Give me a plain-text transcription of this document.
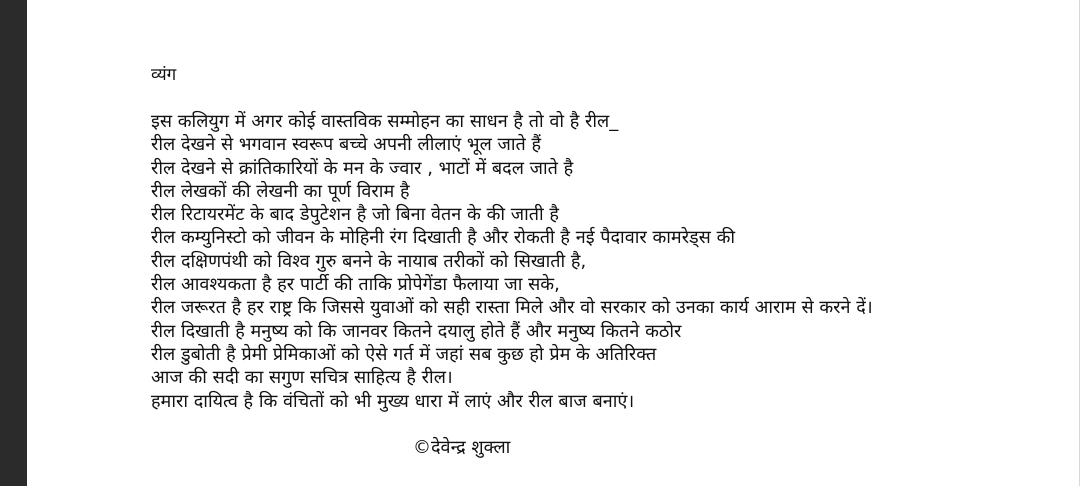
व्यंग
इस कलियुग में अगर कोई वास्तविक सम्मोहन का साधन है तो वो है रील_
रील देखने से भगवान स्वरूप बच्चे अपनी लीलाएं भूल जाते हैं
रील देखने से क्रांतिकारियों के मन के ज्वार , भाटों में बदल जाते है
रील लेखकों की लेखनी का पूर्ण विराम है
रील रिटायरमेंट के बाद डेपुटेशन है जो बिना वेतन के की जाती है
रील कम्युनिस्टो को जीवन के मोहिनी रंग दिखाती है और रोकती है नई पैदावार कामरेड्स की
रील दक्षिणपंथी को विश्व गुरु बनने के नायाब तरीकों को सिखाती है,
रील आवश्यकता है हर पार्टी की ताकि प्रोपेगेंडा फैलाया जा सके,
रील जरूरत है हर राष्ट्र कि जिससे युवाओं को सही रास्ता मिले और वो सरकार को उनका कार्य आराम से करने दें।
रील दिखाती है मनुष्य को कि जानवर कितने दयालु होते हैं और मनुष्य कितने कठोर
रील डुबोती है प्रेमी प्रेमिकाओं को ऐसे गर्त में जहां सब कुछ हो प्रेम के अतिरिक्त
आज की सदी का सगुण सचित्र साहित्य है रील।
हमारा दायित्व है कि वंचितों को भी मुख्य धारा में लाएं और रील बाज बनाएं।
©देवेन्द्र शुक्ला
